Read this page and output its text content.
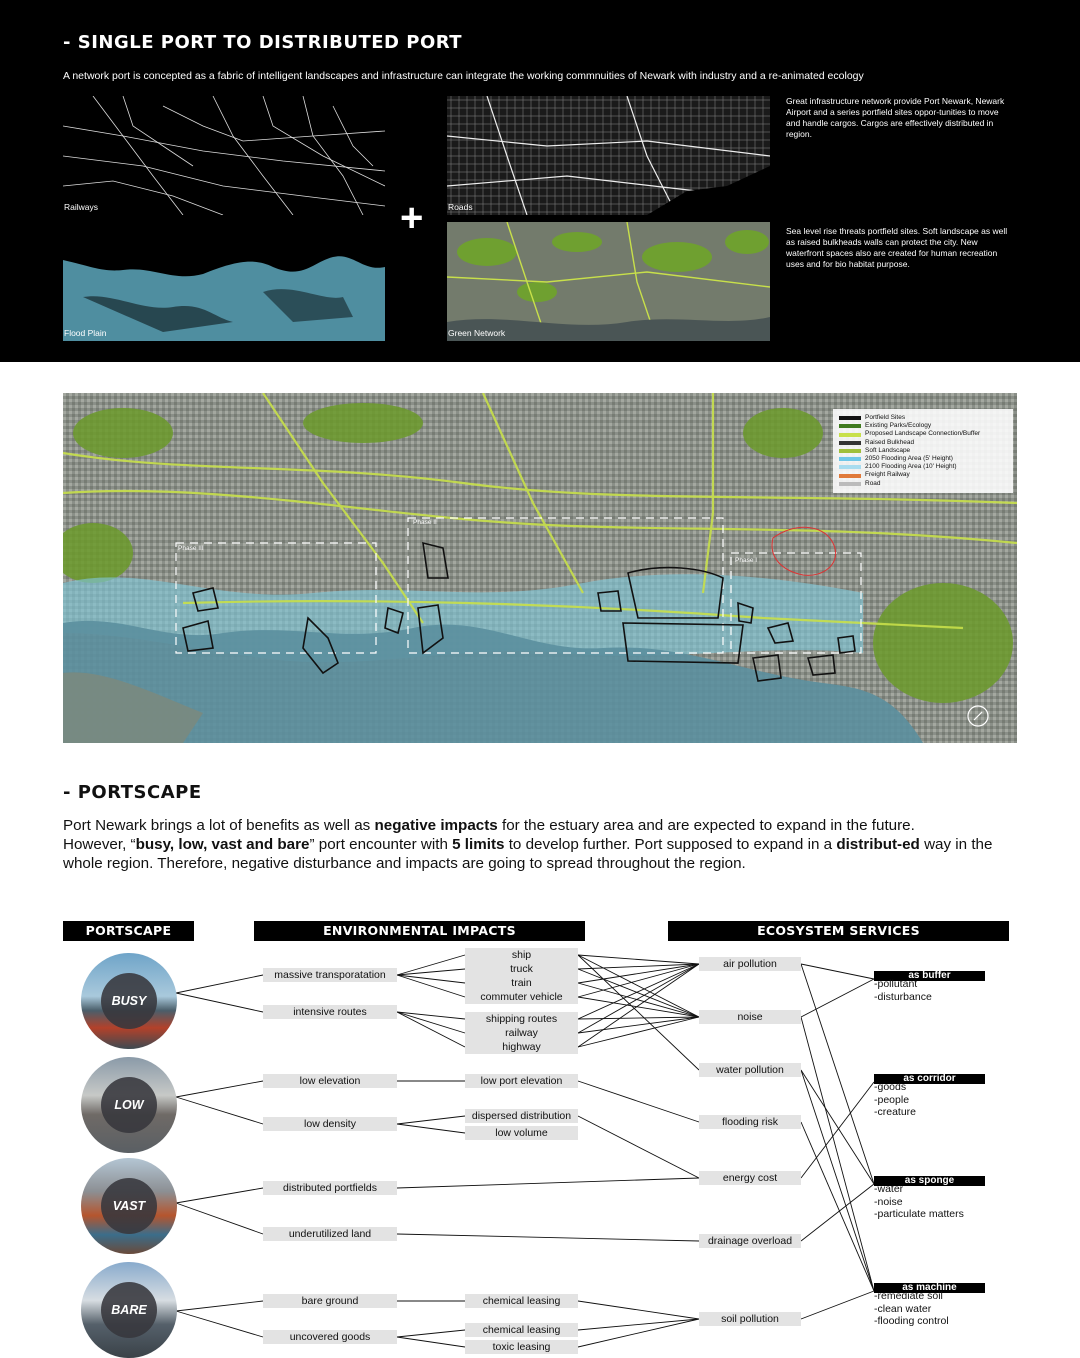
- SINGLE PORT TO DISTRIBUTED PORT
A network port is concepted as a fabric of intelligent landscapes and infrastructure can integrate the working commnuities of Newark with industry and a re-animated ecology
Railways	Roads
+
Great infrastructure network provide Port Newark, Newark Airport and a series portfield sites oppor-tunities to move and handle cargos. Cargos are effectively distributed in region.
Sea level rise threats portfield sites. Soft landscape as well as raised bulkheads walls can protect the city. New waterfront spaces also are created for human recreation uses and for bio habitat purpose.
Flood Plain	Green Network
Phase III
Phase II
Phase I
Portfield Sites
Existing Parks/Ecology
Proposed Landscape Connection/Buffer
Raised Bulkhead
Soft Landscape
2050 Flooding Area (5' Height)
2100 Flooding Area (10' Height)
Freight Railway
Road
- PORTSCAPE

Port Newark brings a lot of benefits as well as negative impacts for the estuary area and are expected to expand in the future.

However, “busy, low, vast and bare” port encounter with 5 limits to develop further. Port supposed to expand in a distribut-ed way in the whole region. Therefore, negative disturbance and impacts are going to spread throughout the region.

PORTSCAPE	ENVIRONMENTAL IMPACTS	ECOSYSTEM SERVICES
BUSY
LOW
VAST
BARE
massive transporatation
intensive routes
low elevation
low density
distributed portfields
underutilized land
bare ground
uncovered goods
ship
truck
train
commuter vehicle
shipping routes
railway
highway
low port elevation
dispersed distribution
low volume
chemical leasing
chemical leasing
toxic leasing
air pollution
noise
water pollution
flooding risk
energy cost
drainage overload
soil pollution
as buffer
-pollutant
-disturbance
as corridor
-goods
-people
-creature
as sponge
-water
-noise
-particulate matters
as machine
-remediate soil
-clean water
-flooding control
